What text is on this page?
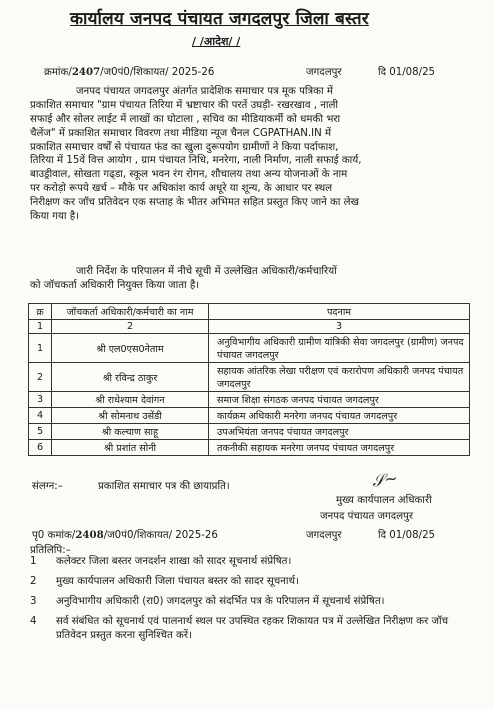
कार्यालय जनपद पंचायत जगदलपुर जिला बस्तर
/ /आदेश/ /
क्रमांक/2407/ज0पं0/शिकायत/ 2025-26	जगदलपुर	दि 01/08/25
जनपद पंचायत जगदलपुर अंतर्गत प्रादेशिक समाचार पत्र मूक पत्रिका में
प्रकाशित समाचार "ग्राम पंचायत तिरिया में भ्रष्टाचार की परतें उघड़ी- रखरखाव , नाली
सफाई और सोलर लाईट में लाखों का घोटाला , सचिव का मीडियाकर्मी को धमकी भरा
चैलेंज" में प्रकाशित समाचार विवरण तथा मीडिया न्यूज चैनल CGPATHAN.IN में
प्रकाशित समाचार वर्षों से पंचायत फंड का खुला दुरूपयोग ग्रामीणों ने किया पर्दाफाश,
तिरिया में 15वें वित्त आयोग , ग्राम पंचायत निधि, मनरेगा, नाली निर्माण, नाली सफाई कार्य,
बाउड्रीवाल, सोखता गढ्डा, स्कूल भवन रंग रोगन, शौचालय तथा अन्य योजनाओं के नाम
पर करोड़ो रूपये खर्च – मौके पर अधिकांश कार्य अधूरे या शून्य, के आधार पर स्थल
निरीक्षण कर जॉच प्रतिवेदन एक सप्ताह के भीतर अभिमत सहित प्रस्तुत किए जाने का लेख
किया गया है।
जारी निर्देश के परिपालन में नीचे सूची में उल्लेखित अधिकारी/कर्मचारियों
को जॉचकर्ता अधिकारी नियुक्त किया जाता है।
क्र	जॉचकर्ता अधिकारी/कर्मचारी का नाम	पदनाम
1	2	3
1	श्री एल0एस0नेताम	अनुविभागीय अधिकारी ग्रामीण यांत्रिकी सेवा जगदलपुर (ग्रामीण) जनपद पंचायत जगदलपुर
2	श्री रविन्द्र ठाकुर	सहायक आंतरिक लेखा परीक्षण एवं करारोपण अधिकारी जनपद पंचायत जगदलपुर
3	श्री राधेश्याम देवांगन	समाज शिक्षा संगठक जनपद पंचायत जगदलपुर
4	श्री सोमनाथ उसेंडी	कार्यक्रम अधिकारी मनरेगा जनपद पंचायत जगदलपुर
5	श्री कल्याण साहू	उपअभियंता जनपद पंचायत जगदलपुर
6	श्री प्रशांत सोनी	तकनीकी सहायक मनरेगा जनपद पंचायत जगदलपुर
संलग्न:–	प्रकाशित समाचार पत्र की छायाप्रति।	𝒮~
मुख्य कार्यपालन अधिकारी
जनपद पंचायत जगदलपुर
पृ0 कमांक/2408/ज0पं0/शिकायत/ 2025-26	जगदलपुर	दि 01/08/25
प्रतिलिपि:–
1	कलेक्टर जिला बस्तर जनदर्शन शाखा को सादर सूचनार्थ संप्रेषित।
2	मुख्य कार्यपालन अधिकारी जिला पंचायत बस्तर को सादर सूचनार्थ।
3	अनुविभागीय अधिकारी (रा0) जगदलपुर को संदर्भित पत्र के परिपालन में सूचनार्थ संप्रेषित।
4	सर्व संबंधित को सूचनार्थ एवं पालनार्थ स्थल पर उपस्थित रहकर शिकायत पत्र में उल्लेखित निरीक्षण कर जॉच प्रतिवेदन प्रस्तुत करना सुनिश्चित करें।
